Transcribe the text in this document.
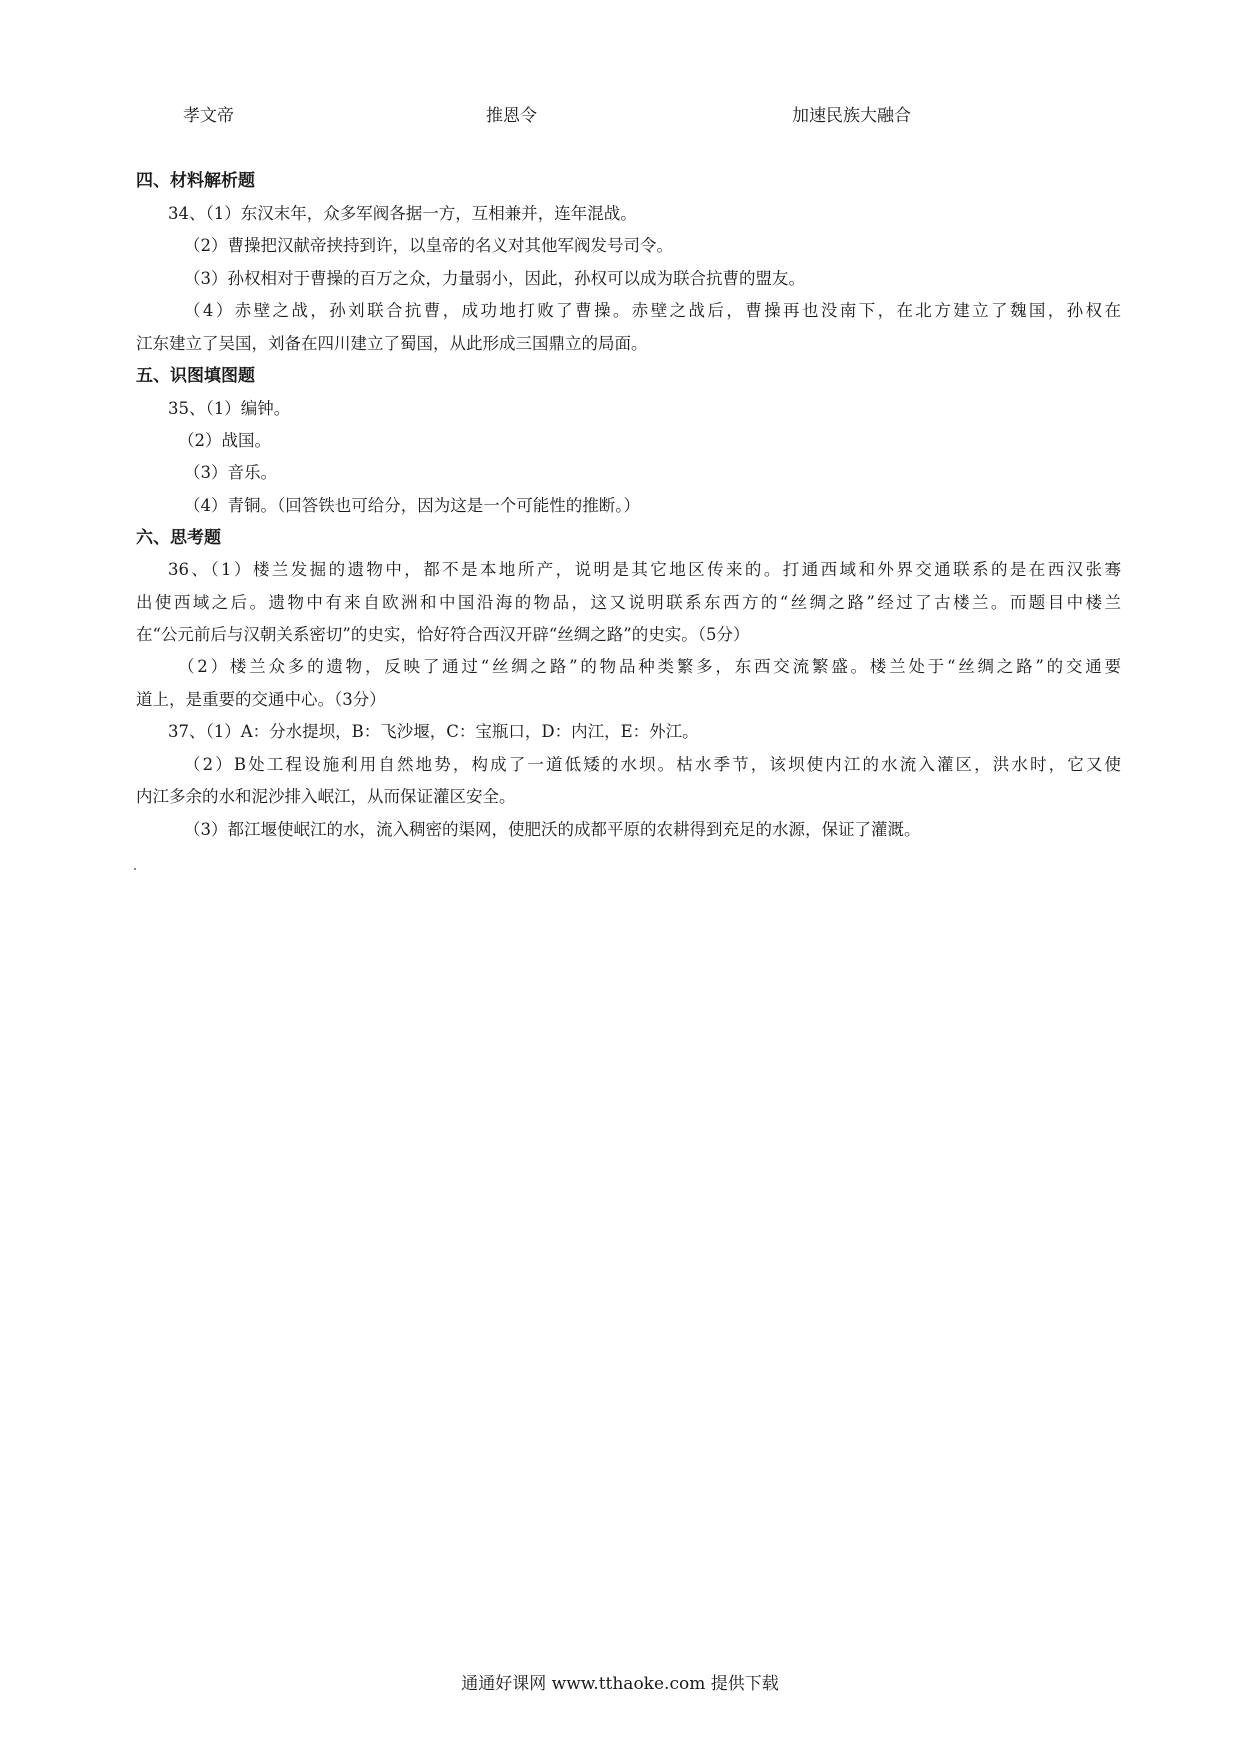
孝文帝	推恩令	加速民族大融合
四、材料解析题
34、（1）东汉末年，众多军阀各据一方，互相兼并，连年混战。
（2）曹操把汉献帝挟持到许，以皇帝的名义对其他军阀发号司令。
（3）孙权相对于曹操的百万之众，力量弱小，因此，孙权可以成为联合抗曹的盟友。
（4）赤壁之战，孙刘联合抗曹，成功地打败了曹操。赤壁之战后，曹操再也没南下，在北方建立了魏国，孙权在
江东建立了吴国，刘备在四川建立了蜀国，从此形成三国鼎立的局面。
五、识图填图题
35、（1）编钟。
（2）战国。
（3）音乐。
（4）青铜。（回答铁也可给分，因为这是一个可能性的推断。）
六、思考题
36、（1）楼兰发掘的遗物中，都不是本地所产，说明是其它地区传来的。打通西域和外界交通联系的是在西汉张骞
出使西域之后。遗物中有来自欧洲和中国沿海的物品，这又说明联系东西方的“丝绸之路”经过了古楼兰。而题目中楼兰
在“公元前后与汉朝关系密切”的史实，恰好符合西汉开辟“丝绸之路”的史实。（5分）
（2）楼兰众多的遗物，反映了通过“丝绸之路”的物品种类繁多，东西交流繁盛。楼兰处于“丝绸之路”的交通要
道上，是重要的交通中心。（3分）
37、（1）A：分水提坝，B：飞沙堰，C：宝瓶口，D：内江，E：外江。
（2）B处工程设施利用自然地势，构成了一道低矮的水坝。枯水季节，该坝使内江的水流入灌区，洪水时，它又使
内江多余的水和泥沙排入岷江，从而保证灌区安全。
（3）都江堰使岷江的水，流入稠密的渠网，使肥沃的成都平原的农耕得到充足的水源，保证了灌溉。
通通好课网 www.tthaoke.com 提供下载
